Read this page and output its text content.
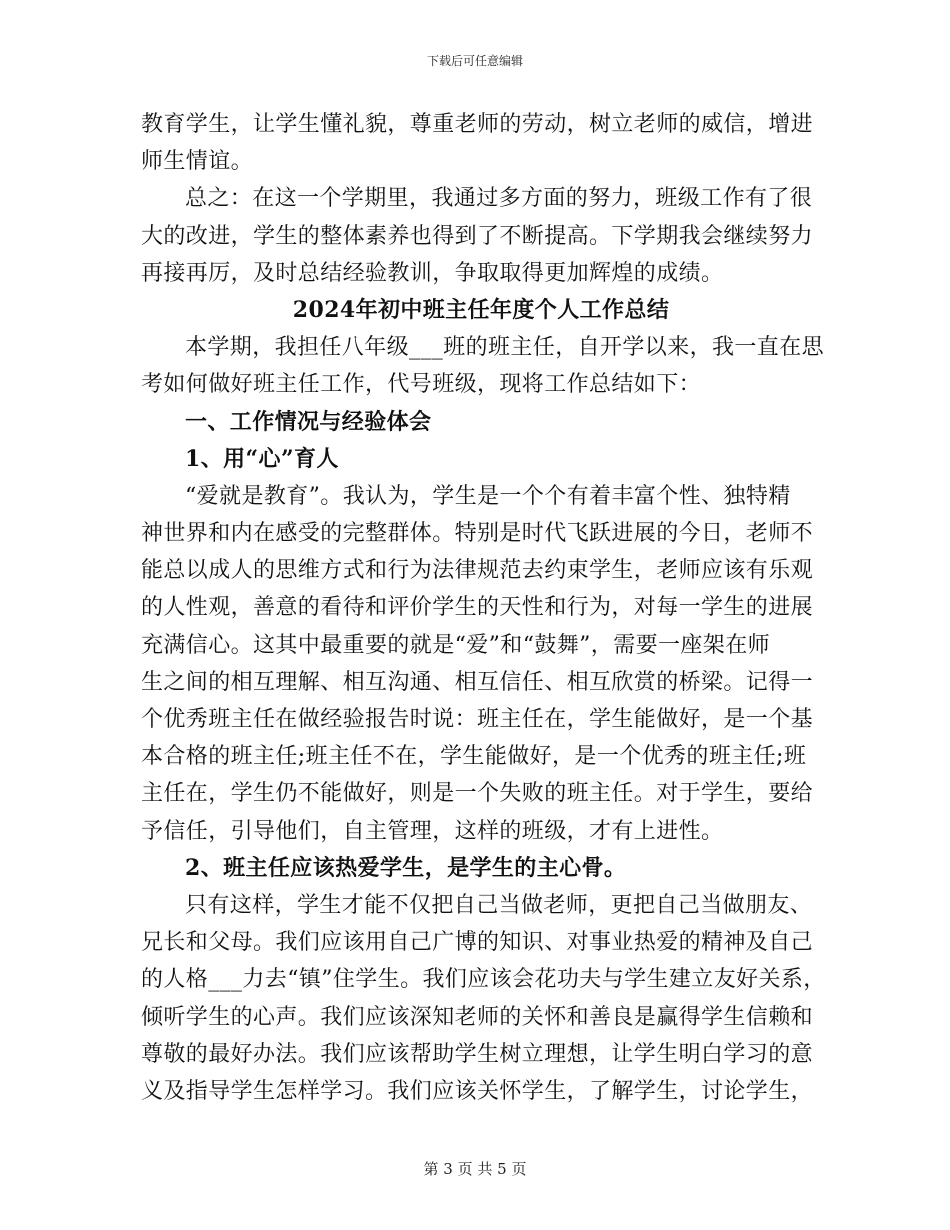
下载后可任意编辑
教育学生，让学生懂礼貌，尊重老师的劳动，树立老师的威信，增进
师生情谊。
总之：在这一个学期里，我通过多方面的努力，班级工作有了很
大的改进，学生的整体素养也得到了不断提高。下学期我会继续努力
再接再厉，及时总结经验教训，争取取得更加辉煌的成绩。
2024年初中班主任年度个人工作总结
本学期，我担任八年级___班的班主任，自开学以来，我一直在思
考如何做好班主任工作，代号班级，现将工作总结如下：
一、工作情况与经验体会
1、用“心”育人
“爱就是教育”。我认为，学生是一个个有着丰富个性、独特精
神世界和内在感受的完整群体。特别是时代飞跃进展的今日，老师不
能总以成人的思维方式和行为法律规范去约束学生，老师应该有乐观
的人性观，善意的看待和评价学生的天性和行为，对每一学生的进展
充满信心。这其中最重要的就是“爱”和“鼓舞”，需要一座架在师
生之间的相互理解、相互沟通、相互信任、相互欣赏的桥梁。记得一
个优秀班主任在做经验报告时说：班主任在，学生能做好，是一个基
本合格的班主任;班主任不在，学生能做好，是一个优秀的班主任;班
主任在，学生仍不能做好，则是一个失败的班主任。对于学生，要给
予信任，引导他们，自主管理，这样的班级，才有上进性。
2、班主任应该热爱学生，是学生的主心骨。
只有这样，学生才能不仅把自己当做老师，更把自己当做朋友、
兄长和父母。我们应该用自己广博的知识、对事业热爱的精神及自己
的人格___力去“镇”住学生。我们应该会花功夫与学生建立友好关系，
倾听学生的心声。我们应该深知老师的关怀和善良是赢得学生信赖和
尊敬的最好办法。我们应该帮助学生树立理想，让学生明白学习的意
义及指导学生怎样学习。我们应该关怀学生，了解学生，讨论学生，
第 3 页 共 5 页
